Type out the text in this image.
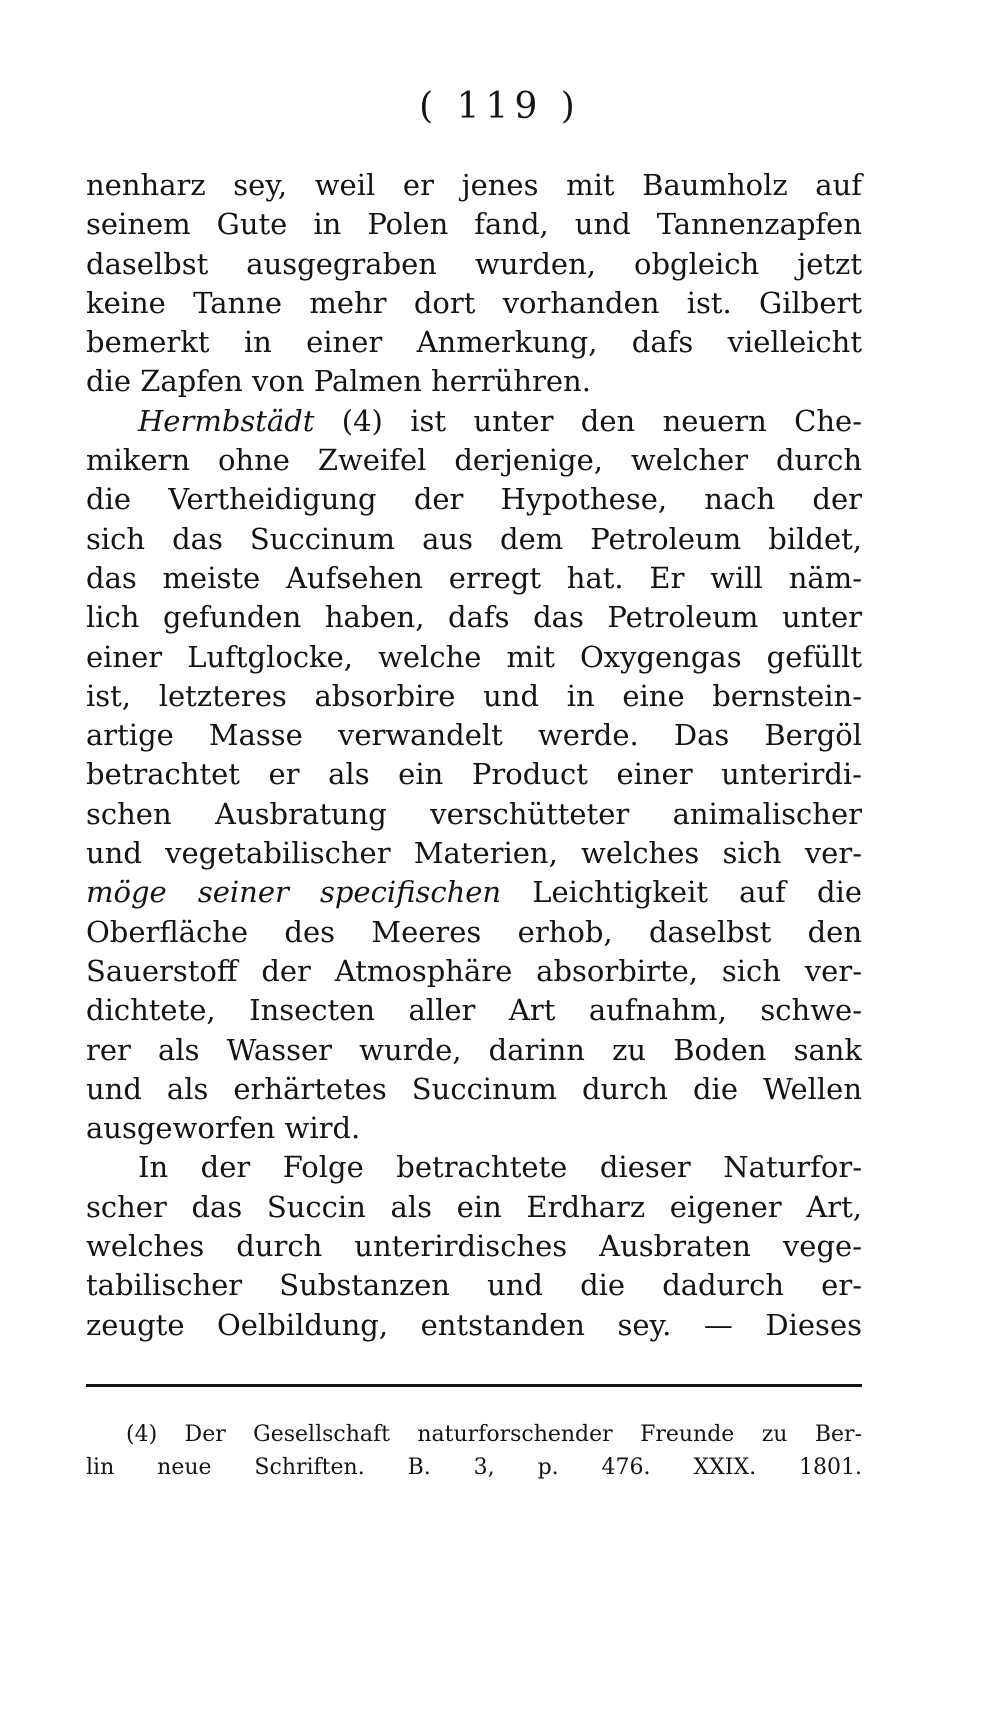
( 119 )
nenharz sey, weil er jenes mit Baumholz auf
seinem Gute in Polen fand, und Tannenzapfen
daselbst ausgegraben wurden, obgleich jetzt
keine Tanne mehr dort vorhanden ist. Gilbert
bemerkt in einer Anmerkung, dafs vielleicht
die Zapfen von Palmen herrühren.
Hermbstädt (4) ist unter den neuern Che-
mikern ohne Zweifel derjenige, welcher durch
die Vertheidigung der Hypothese, nach der
sich das Succinum aus dem Petroleum bildet,
das meiste Aufsehen erregt hat. Er will näm-
lich gefunden haben, dafs das Petroleum unter
einer Luftglocke, welche mit Oxygengas gefüllt
ist, letzteres absorbire und in eine bernstein-
artige Masse verwandelt werde. Das Bergöl
betrachtet er als ein Product einer unterirdi-
schen Ausbratung verschütteter animalischer
und vegetabilischer Materien, welches sich ver-
möge seiner specifischen Leichtigkeit auf die
Oberfläche des Meeres erhob, daselbst den
Sauerstoff der Atmosphäre absorbirte, sich ver-
dichtete, Insecten aller Art aufnahm, schwe-
rer als Wasser wurde, darinn zu Boden sank
und als erhärtetes Succinum durch die Wellen
ausgeworfen wird.
In der Folge betrachtete dieser Naturfor-
scher das Succin als ein Erdharz eigener Art,
welches durch unterirdisches Ausbraten vege-
tabilischer Substanzen und die dadurch er-
zeugte Oelbildung, entstanden sey. — Dieses
(4) Der Gesellschaft naturforschender Freunde zu Ber-
lin neue Schriften. B. 3, p. 476. XXIX. 1801.
